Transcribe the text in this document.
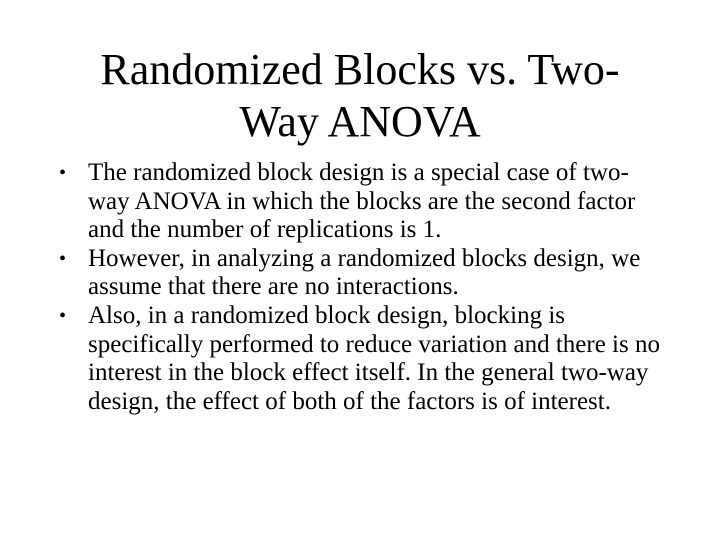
Randomized Blocks vs. Two-
Way ANOVA
• The randomized block design is a special case of two-way ANOVA in which the blocks are the second factor and the number of replications is 1.
• However, in analyzing a randomized blocks design, we assume that there are no interactions.
• Also, in a randomized block design, blocking is specifically performed to reduce variation and there is no interest in the block effect itself. In the general two-way design, the effect of both of the factors is of interest.
